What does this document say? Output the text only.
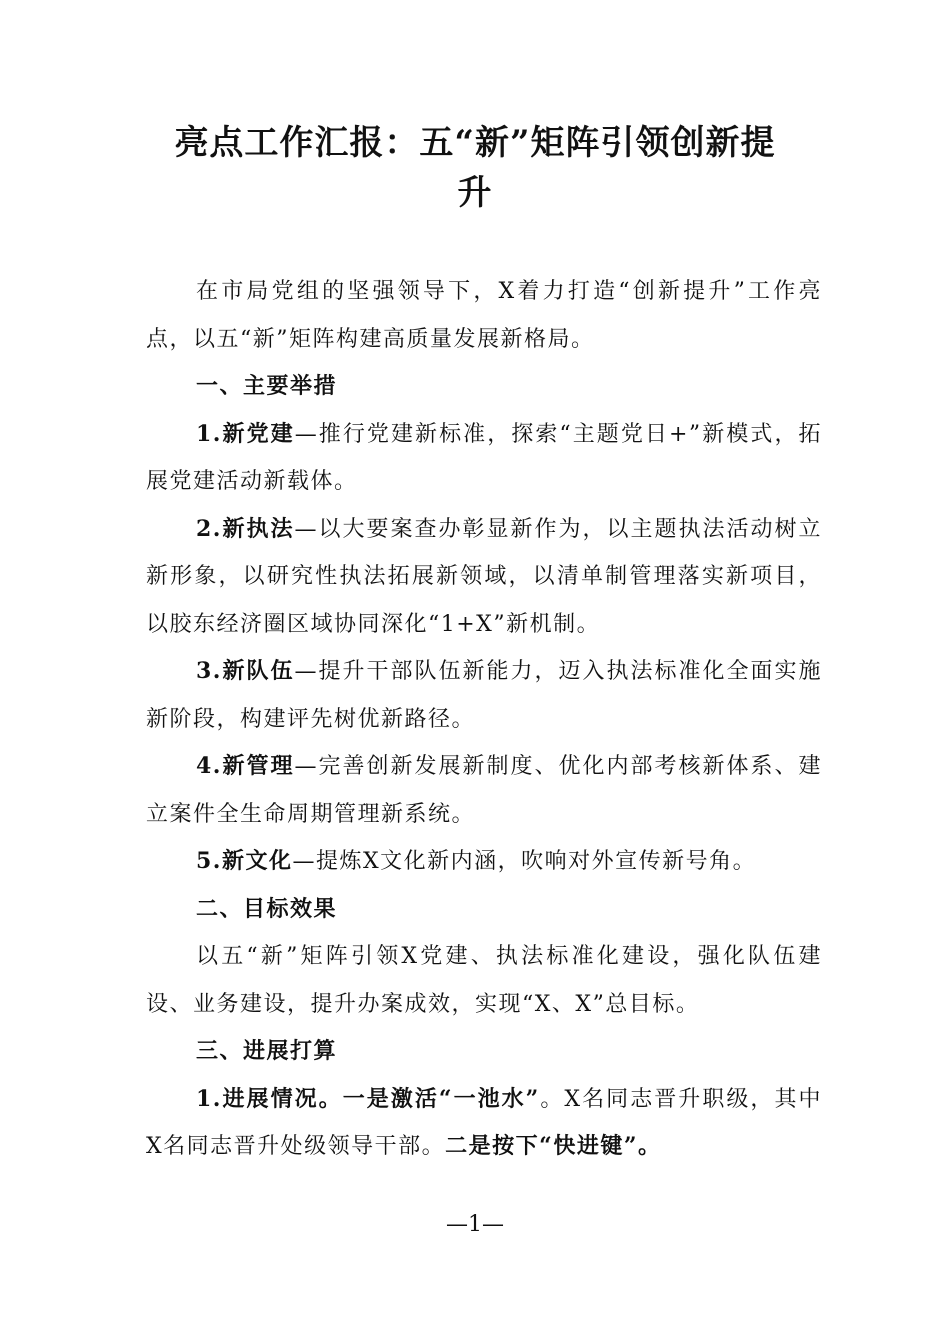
亮点工作汇报：五“新”矩阵引领创新提
升

在市局党组的坚强领导下，X着力打造“创新提升”工作亮点，以五“新”矩阵构建高质量发展新格局。

一、主要举措

1.新党建—推行党建新标准，探索“主题党日+”新模式，拓展党建活动新载体。

2.新执法—以大要案查办彰显新作为，以主题执法活动树立新形象，以研究性执法拓展新领域，以清单制管理落实新项目，以胶东经济圈区域协同深化“1+X”新机制。

3.新队伍—提升干部队伍新能力，迈入执法标准化全面实施新阶段，构建评先树优新路径。

4.新管理—完善创新发展新制度、优化内部考核新体系、建立案件全生命周期管理新系统。

5.新文化—提炼X文化新内涵，吹响对外宣传新号角。

二、目标效果

以五“新”矩阵引领X党建、执法标准化建设，强化队伍建设、业务建设，提升办案成效，实现“X、X”总目标。

三、进展打算

1.进展情况。一是激活“一池水”。X名同志晋升职级，其中X名同志晋升处级领导干部。二是按下“快进键”。

—1—
